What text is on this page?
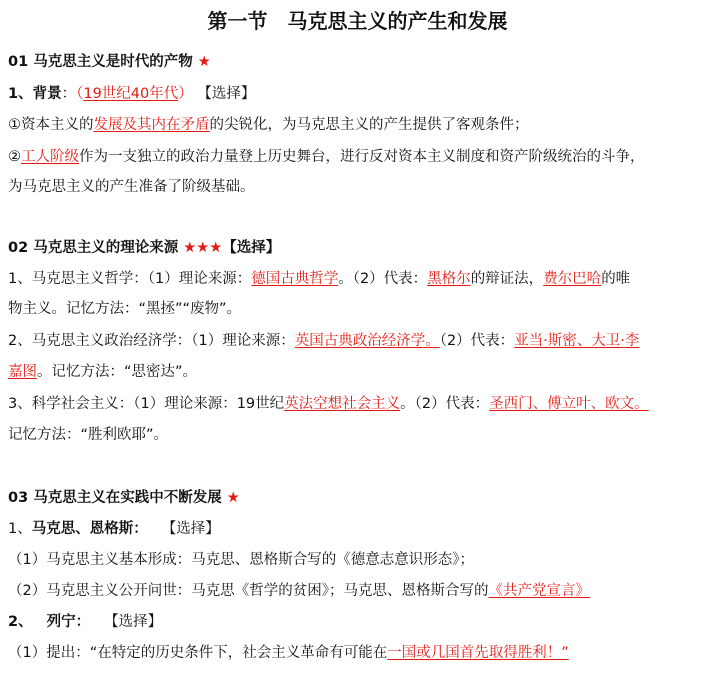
第一节　马克思主义的产生和发展
01 马克思主义是时代的产物 ★
1、背景：（19世纪40年代） 【选择】
①资本主义的发展及其内在矛盾的尖锐化，为马克思主义的产生提供了客观条件；
②工人阶级作为一支独立的政治力量登上历史舞台，进行反对资本主义制度和资产阶级统治的斗争，
为马克思主义的产生准备了阶级基础。
02 马克思主义的理论来源 ★★★【选择】
1、马克思主义哲学：（1）理论来源：德国古典哲学。（2）代表：黑格尔的辩证法，费尔巴哈的唯
物主义。记忆方法：“黑拯”“废物”。
2、马克思主义政治经济学：（1）理论来源：英国古典政治经济学。（2）代表：亚当·斯密、大卫·李
嘉图。记忆方法：“思密达”。
3、科学社会主义：（1）理论来源：19世纪英法空想社会主义。（2）代表：圣西门、傅立叶、欧文。
记忆方法：“胜利欧耶”。
03 马克思主义在实践中不断发展 ★
1、马克思、恩格斯： 【选择】
（1）马克思主义基本形成：马克思、恩格斯合写的《德意志意识形态》；
（2）马克思主义公开问世：马克思《哲学的贫困》；马克思、恩格斯合写的《共产党宣言》
2、 列宁： 【选择】
（1）提出：“在特定的历史条件下，社会主义革命有可能在一国或几国首先取得胜利！”
